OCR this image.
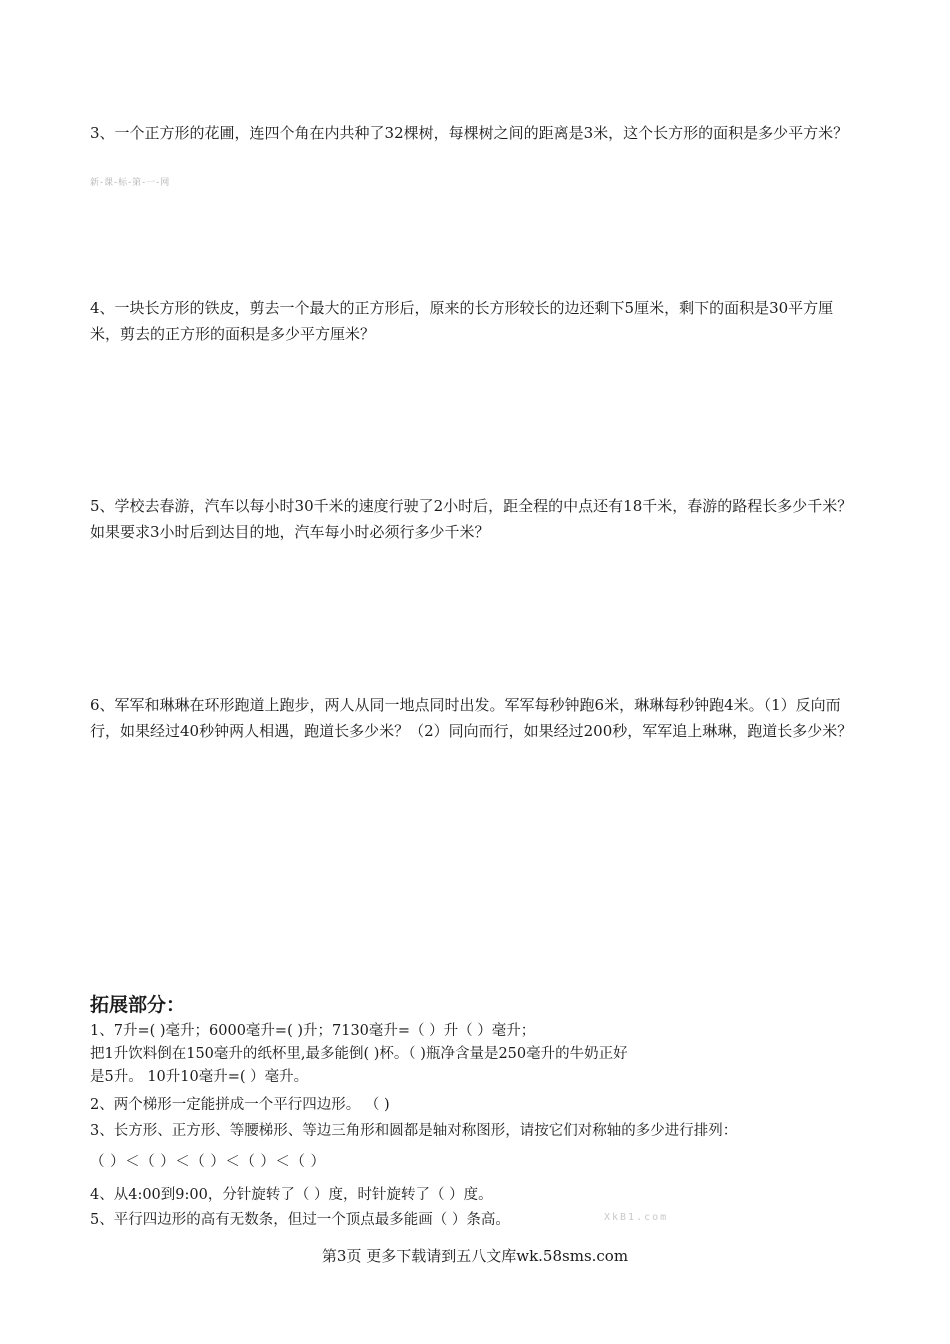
3、一个正方形的花圃，连四个角在内共种了32棵树，每棵树之间的距离是3米，这个长方形的面积是多少平方米？
新-课-标-第-一-网
4、一块长方形的铁皮，剪去一个最大的正方形后，原来的长方形较长的边还剩下5厘米，剩下的面积是30平方厘米，剪去的正方形的面积是多少平方厘米？
5、学校去春游，汽车以每小时30千米的速度行驶了2小时后，距全程的中点还有18千米，春游的路程长多少千米？如果要求3小时后到达目的地，汽车每小时必须行多少千米？
6、军军和琳琳在环形跑道上跑步，两人从同一地点同时出发。军军每秒钟跑6米，琳琳每秒钟跑4米。（1）反向而行，如果经过40秒钟两人相遇，跑道长多少米？（2）同向而行，如果经过200秒，军军追上琳琳，跑道长多少米？
拓展部分：
1、7升=( )毫升；6000毫升=( )升；7130毫升=（ ）升（ ）毫升；
把1升饮料倒在150毫升的纸杯里,最多能倒( )杯。（ )瓶净含量是250毫升的牛奶正好
是5升。 10升10毫升=( ）毫升。
2、两个梯形一定能拼成一个平行四边形。 （ )
3、长方形、正方形、等腰梯形、等边三角形和圆都是轴对称图形，请按它们对称轴的多少进行排列：
（ ）＜（ ）＜（ ）＜（ ）＜（ ）
4、从4:00到9:00，分针旋转了（ ）度，时针旋转了（ ）度。
5、平行四边形的高有无数条，但过一个顶点最多能画（ ）条高。	XkB1.com
第3页 更多下载请到五八文库wk.58sms.com
